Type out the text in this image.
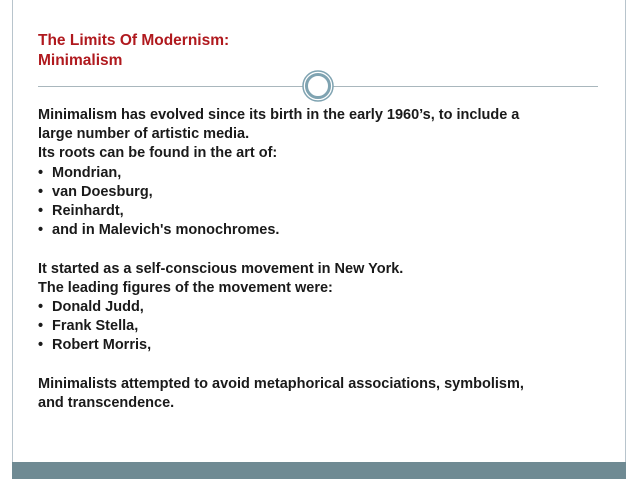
The Limits Of Modernism:
Minimalism
Minimalism has evolved since its birth in the early 1960’s, to include a
large number of artistic media.
Its roots can be found in the art of:
• Mondrian,
• van Doesburg,
• Reinhardt,
• and in Malevich's monochromes.
It started as a self-conscious movement in New York.
The leading figures of the movement were:
• Donald Judd,
• Frank Stella,
• Robert Morris,
Minimalists attempted to avoid metaphorical associations, symbolism,
and transcendence.
